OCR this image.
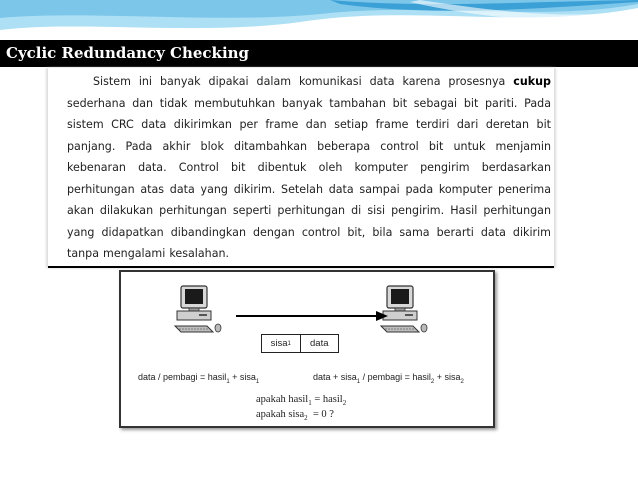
Cyclic Redundancy Checking

Sistem ini banyak dipakai dalam komunikasi data karena prosesnya cukup sederhana dan tidak membutuhkan banyak tambahan bit sebagai bit pariti. Pada sistem CRC data dikirimkan per frame dan setiap frame terdiri dari deretan bit panjang. Pada akhir blok ditambahkan beberapa control bit untuk menjamin kebenaran data. Control bit dibentuk oleh komputer pengirim berdasarkan perhitungan atas data yang dikirim. Setelah data sampai pada komputer penerima akan dilakukan perhitungan seperti perhitungan di sisi pengirim. Hasil perhitungan yang didapatkan dibandingkan dengan control bit, bila sama berarti data dikirim tanpa mengalami kesalahan.

sisa 1	data
data / pembagi = hasil$_1$ + sisa$_1$	data + sisa$_1$ / pembagi = hasil$_2$ + sisa$_2$
apakah hasil$_1$ = hasil$_2$
apakah sisa$_2$  = 0 ?
